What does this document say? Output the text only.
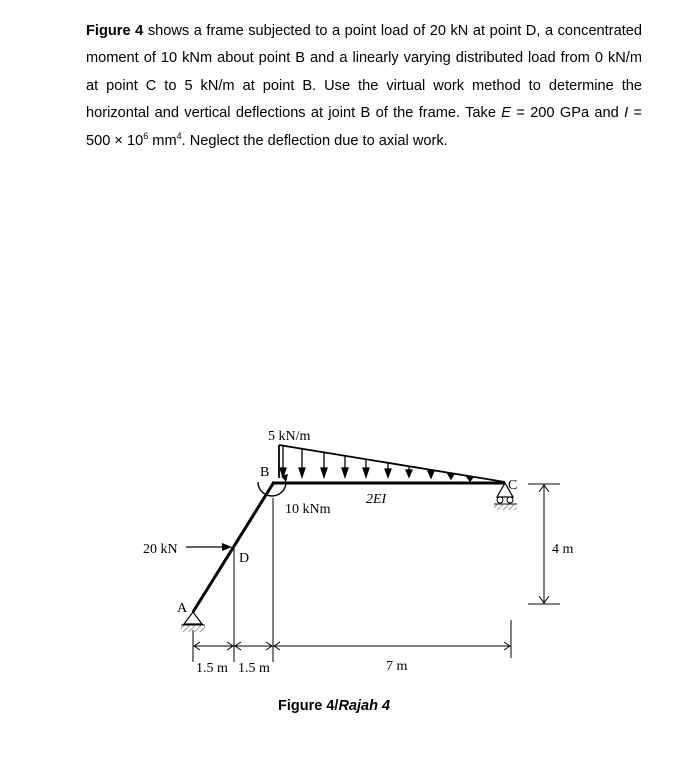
Figure 4 shows a frame subjected to a point load of 20 kN at point D, a concentrated moment of 10 kNm about point B and a linearly varying distributed load from 0 kN/m at point C to 5 kN/m at point B. Use the virtual work method to determine the horizontal and vertical deflections at joint B of the frame. Take E = 200 GPa and $I = 500 \times 10^6$ $mm^4$. Neglect the deflection due to axial work.
5 kN/m
B
C
10 kNm
2EI
A
20 kN
D
1.5 m 1.5 m	7 m
4 m
Figure 4/Rajah 4
